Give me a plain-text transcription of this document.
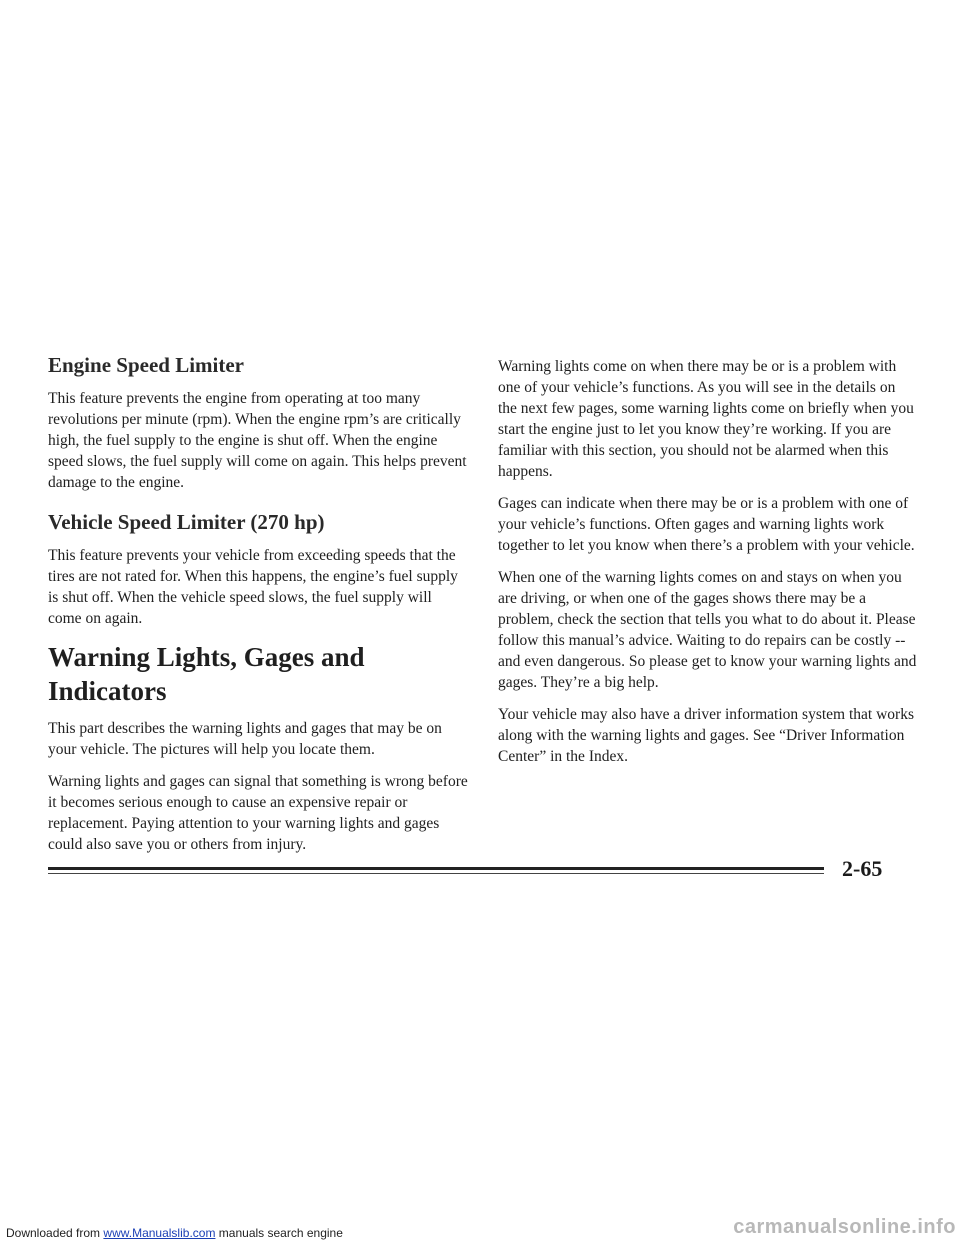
Engine Speed Limiter

This feature prevents the engine from operating at too many revolutions per minute (rpm). When the engine rpm’s are critically high, the fuel supply to the engine is shut off. When the engine speed slows, the fuel supply will come on again. This helps prevent damage to the engine.

Vehicle Speed Limiter (270 hp)

This feature prevents your vehicle from exceeding speeds that the tires are not rated for. When this happens, the engine’s fuel supply is shut off. When the vehicle speed slows, the fuel supply will come on again.

Warning Lights, Gages and Indicators

This part describes the warning lights and gages that may be on your vehicle. The pictures will help you locate them.

Warning lights and gages can signal that something is wrong before it becomes serious enough to cause an expensive repair or replacement. Paying attention to your warning lights and gages could also save you or others from injury.

Warning lights come on when there may be or is a problem with one of your vehicle’s functions. As you will see in the details on the next few pages, some warning lights come on briefly when you start the engine just to let you know they’re working. If you are familiar with this section, you should not be alarmed when this happens.

Gages can indicate when there may be or is a problem with one of your vehicle’s functions. Often gages and warning lights work together to let you know when there’s a problem with your vehicle.

When one of the warning lights comes on and stays on when you are driving, or when one of the gages shows there may be a problem, check the section that tells you what to do about it. Please follow this manual’s advice. Waiting to do repairs can be costly -- and even dangerous. So please get to know your warning lights and gages. They’re a big help.

Your vehicle may also have a driver information system that works along with the warning lights and gages. See “Driver Information Center” in the Index.

2-65
Downloaded from www.Manualslib.com manuals search engine	carmanualsonline.info
